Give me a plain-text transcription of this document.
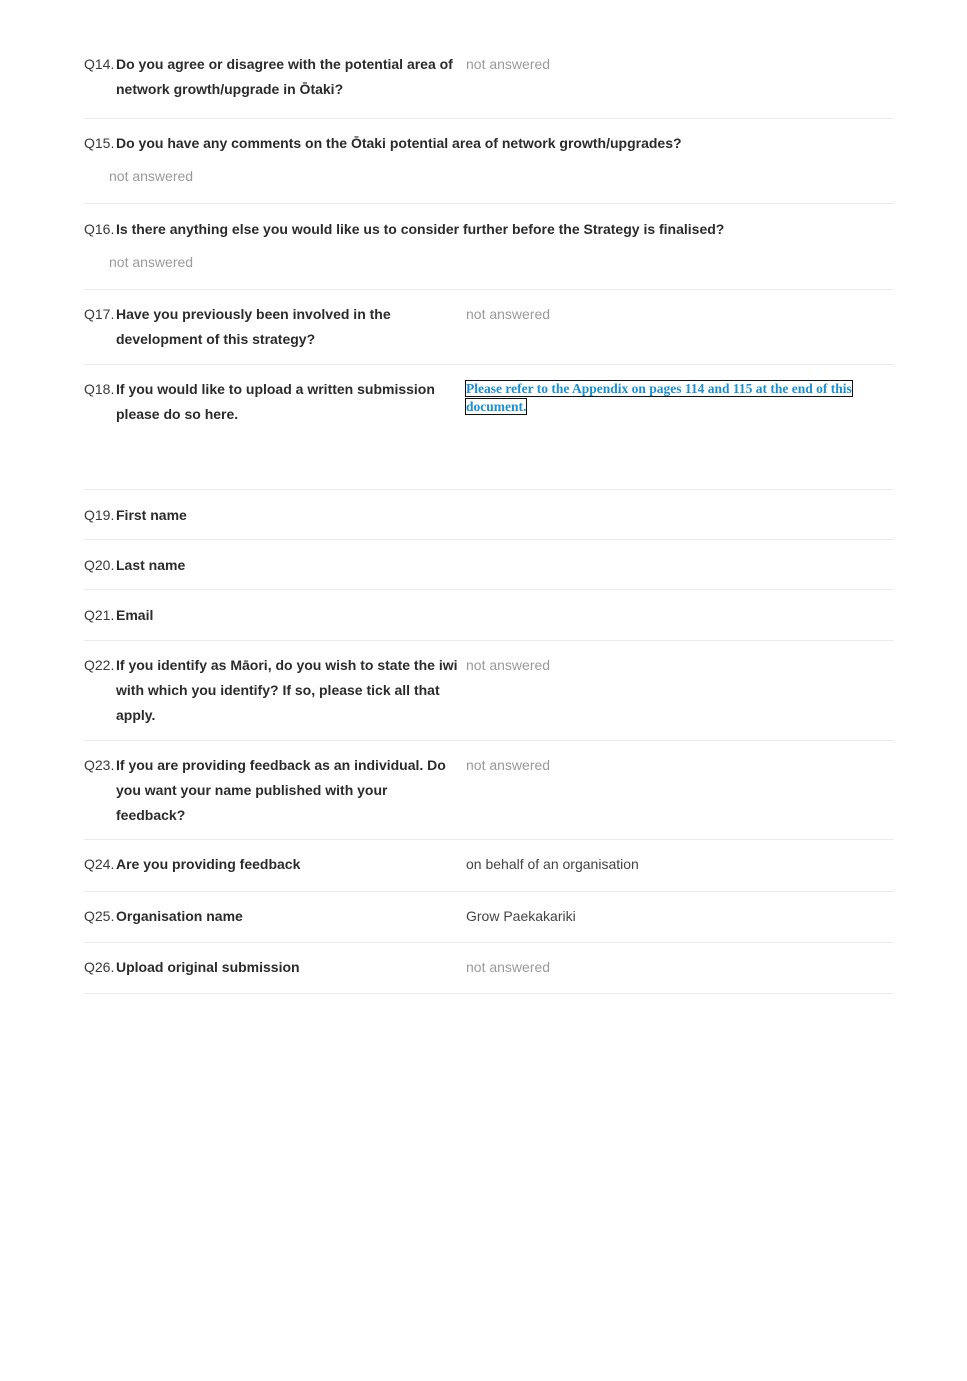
Q14. Do you agree or disagree with the potential area of network growth/upgrade in Ōtaki?
not answered
Q15. Do you have any comments on the Ōtaki potential area of network growth/upgrades?
not answered
Q16. Is there anything else you would like us to consider further before the Strategy is finalised?
not answered
Q17. Have you previously been involved in the development of this strategy?
not answered
Q18. If you would like to upload a written submission please do so here.
Please refer to the Appendix on pages 114 and 115 at the end of this
document.
Q19. First name
Q20. Last name
Q21. Email
Q22. If you identify as Māori, do you wish to state the iwi with which you identify? If so, please tick all that apply.
not answered
Q23. If you are providing feedback as an individual. Do you want your name published with your feedback?
not answered
Q24. Are you providing feedback	on behalf of an organisation
Q25. Organisation name	Grow Paekakariki
Q26. Upload original submission	not answered
